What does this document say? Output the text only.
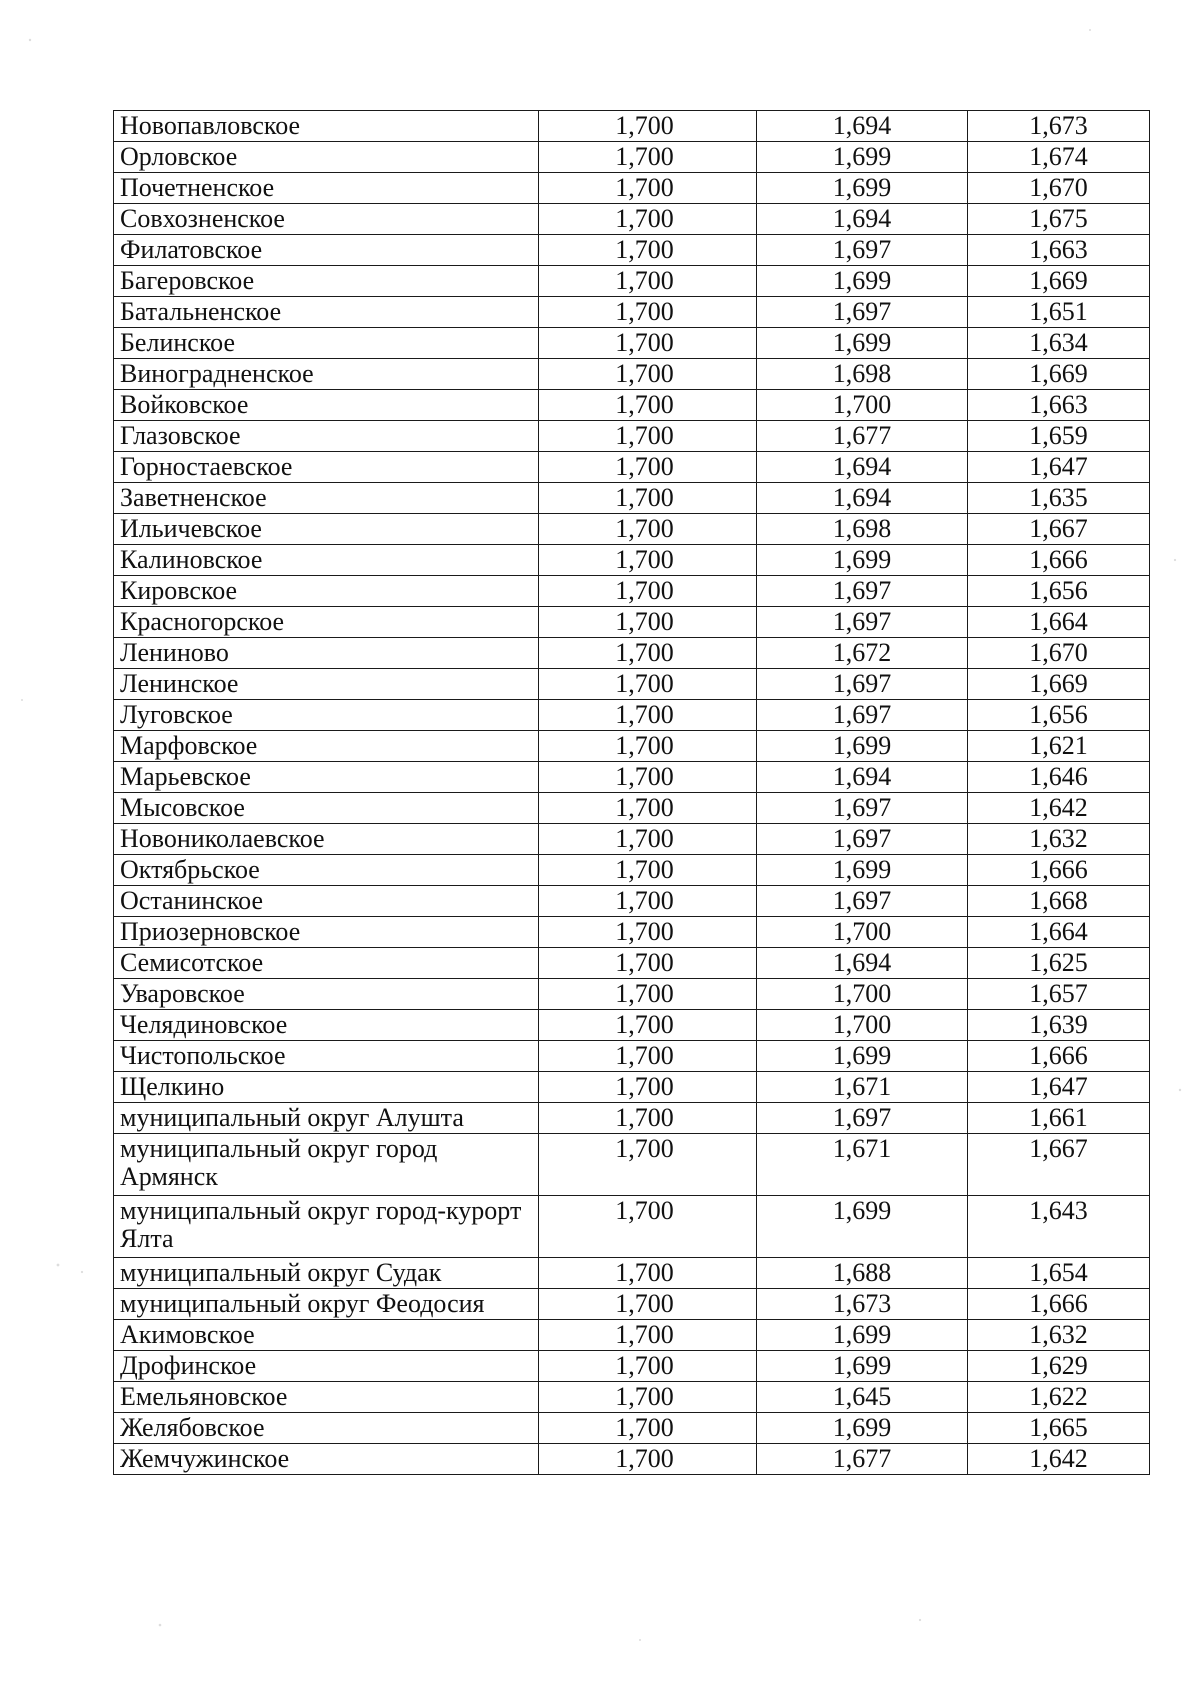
Новопавловское	1,700	1,694	1,673
Орловское	1,700	1,699	1,674
Почетненское	1,700	1,699	1,670
Совхозненское	1,700	1,694	1,675
Филатовское	1,700	1,697	1,663
Багеровское	1,700	1,699	1,669
Батальненское	1,700	1,697	1,651
Белинское	1,700	1,699	1,634
Виноградненское	1,700	1,698	1,669
Войковское	1,700	1,700	1,663
Глазовское	1,700	1,677	1,659
Горностаевское	1,700	1,694	1,647
Заветненское	1,700	1,694	1,635
Ильичевское	1,700	1,698	1,667
Калиновское	1,700	1,699	1,666
Кировское	1,700	1,697	1,656
Красногорское	1,700	1,697	1,664
Лениново	1,700	1,672	1,670
Ленинское	1,700	1,697	1,669
Луговское	1,700	1,697	1,656
Марфовское	1,700	1,699	1,621
Марьевское	1,700	1,694	1,646
Мысовское	1,700	1,697	1,642
Новониколаевское	1,700	1,697	1,632
Октябрьское	1,700	1,699	1,666
Останинское	1,700	1,697	1,668
Приозерновское	1,700	1,700	1,664
Семисотское	1,700	1,694	1,625
Уваровское	1,700	1,700	1,657
Челядиновское	1,700	1,700	1,639
Чистопольское	1,700	1,699	1,666
Щелкино	1,700	1,671	1,647
муниципальный округ Алушта	1,700	1,697	1,661
муниципальный округ город Армянск	1,700	1,671	1,667
муниципальный округ город-курорт Ялта	1,700	1,699	1,643
муниципальный округ Судак	1,700	1,688	1,654
муниципальный округ Феодосия	1,700	1,673	1,666
Акимовское	1,700	1,699	1,632
Дрофинское	1,700	1,699	1,629
Емельяновское	1,700	1,645	1,622
Желябовское	1,700	1,699	1,665
Жемчужинское	1,700	1,677	1,642
